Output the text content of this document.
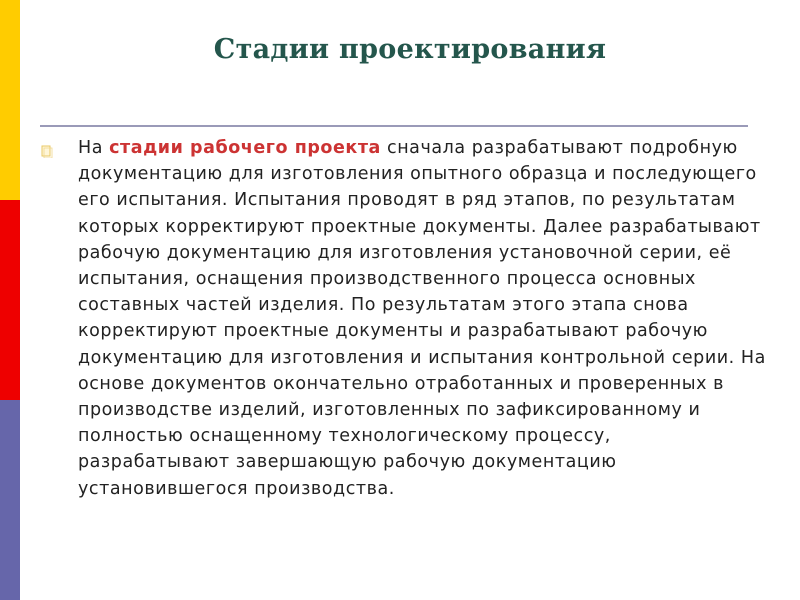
Стадии проектирования

На стадии рабочего проекта сначала разрабатывают подробную документацию для изготовления опытного образца и последующего его испытания. Испытания проводят в ряд этапов, по результатам которых корректируют проектные документы. Далее разрабатывают рабочую документацию для изготовления установочной серии, её испытания, оснащения производственного процесса основных составных частей изделия. По результатам этого этапа снова корректируют проектные документы и разрабатывают рабочую документацию для изготовления и испытания контрольной серии. На основе документов окончательно отработанных и проверенных в производстве изделий, изготовленных по зафиксированному и полностью оснащенному технологическому процессу, разрабатывают завершающую рабочую документацию установившегося производства.
